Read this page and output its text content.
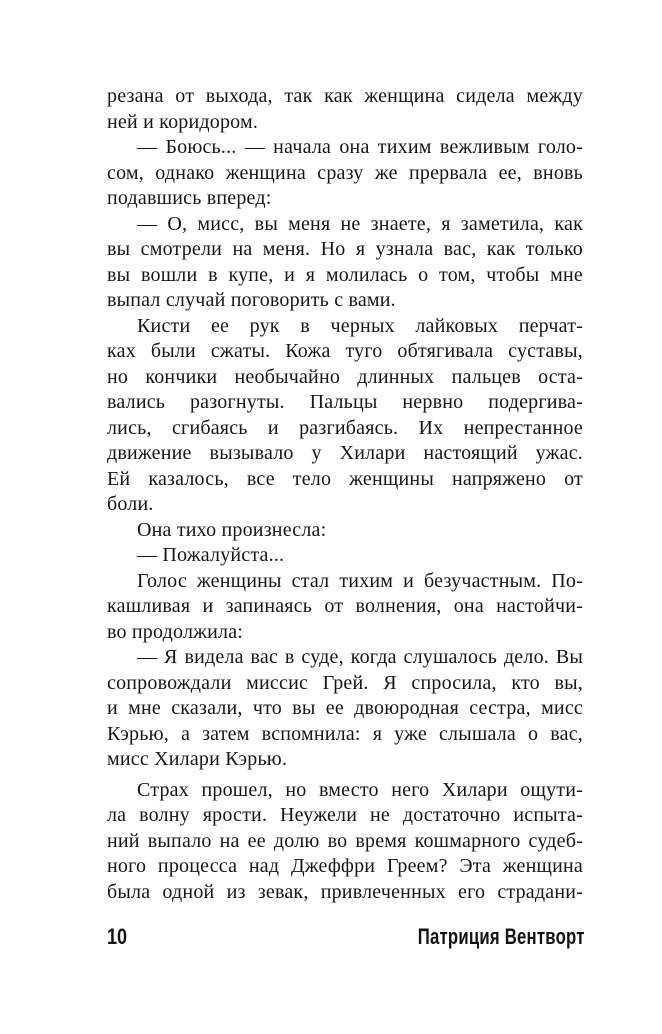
резана от выхода, так как женщина сидела между
ней и коридором.
— Боюсь... — начала она тихим вежливым голо-
сом, однако женщина сразу же прервала ее, вновь
подавшись вперед:
— О, мисс, вы меня не знаете, я заметила, как
вы смотрели на меня. Но я узнала вас, как только
вы вошли в купе, и я молилась о том, чтобы мне
выпал случай поговорить с вами.
Кисти ее рук в черных лайковых перчат-
ках были сжаты. Кожа туго обтягивала суставы,
но кончики необычайно длинных пальцев оста-
вались разогнуты. Пальцы нервно подергива-
лись, сгибаясь и разгибаясь. Их непрестанное
движение вызывало у Хилари настоящий ужас.
Ей казалось, все тело женщины напряжено от
боли.
Она тихо произнесла:
— Пожалуйста...
Голос женщины стал тихим и безучастным. По-
кашливая и запинаясь от волнения, она настойчи-
во продолжила:
— Я видела вас в суде, когда слушалось дело. Вы
сопровождали миссис Грей. Я спросила, кто вы,
и мне сказали, что вы ее двоюродная сестра, мисс
Кэрью, а затем вспомнила: я уже слышала о вас,
мисс Хилари Кэрью.
Страх прошел, но вместо него Хилари ощути-
ла волну ярости. Неужели не достаточно испыта-
ний выпало на ее долю во время кошмарного судеб-
ного процесса над Джеффри Греем? Эта женщина
была одной из зевак, привлеченных его страдани-
10	Патриция Вентворт
